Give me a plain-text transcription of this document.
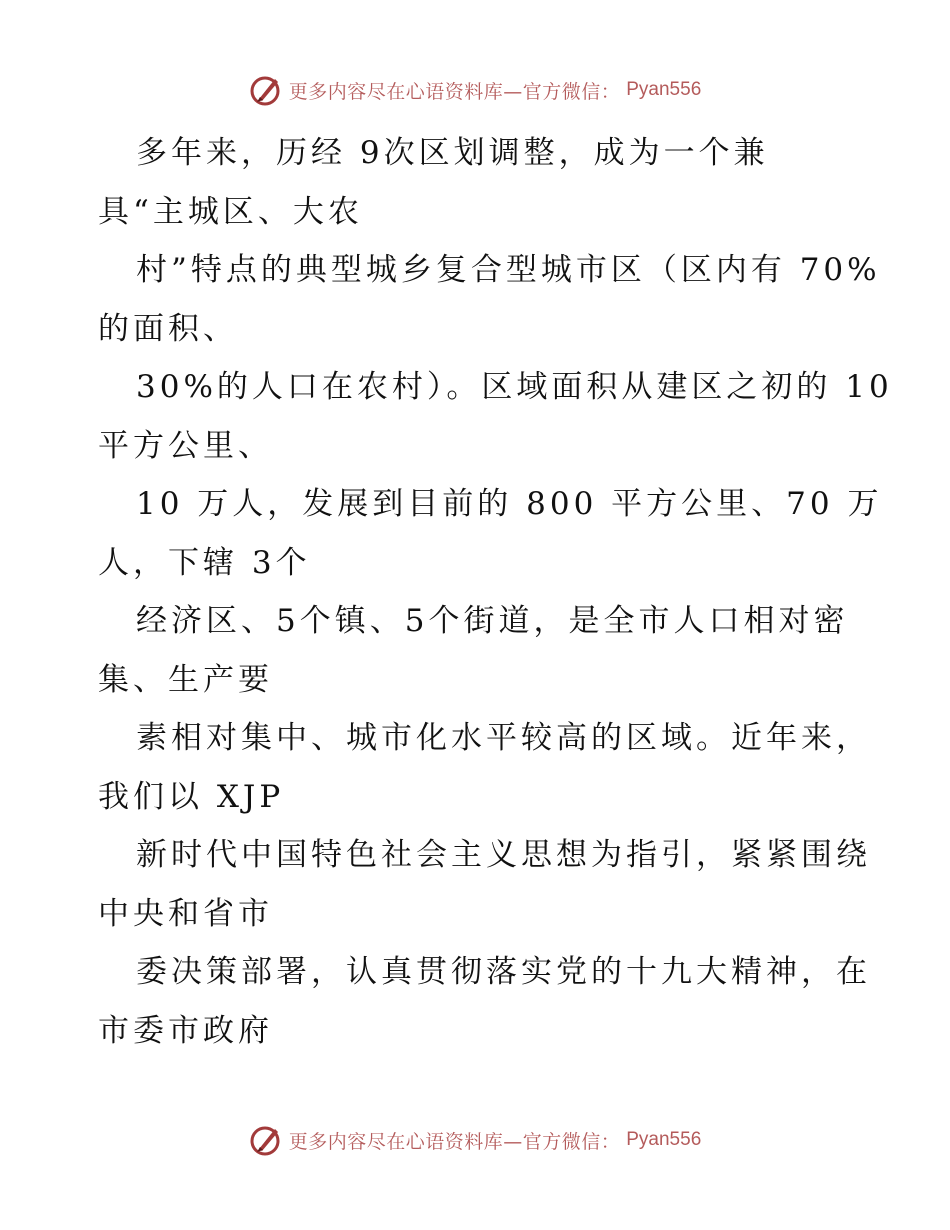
更多内容尽在心语资料库—官方微信： Pyan556
多年来，历经 9次区划调整，成为一个兼
具“主城区、大农
村”特点的典型城乡复合型城市区（区内有 70%
的面积、
30%的人口在农村）。区域面积从建区之初的 10
平方公里、
10 万人，发展到目前的 800 平方公里、70 万
人，下辖 3个
经济区、5个镇、5个街道，是全市人口相对密
集、生产要
素相对集中、城市化水平较高的区域。近年来，
我们以 XJP
新时代中国特色社会主义思想为指引，紧紧围绕
中央和省市
委决策部署，认真贯彻落实党的十九大精神，在
市委市政府
更多内容尽在心语资料库—官方微信： Pyan556
